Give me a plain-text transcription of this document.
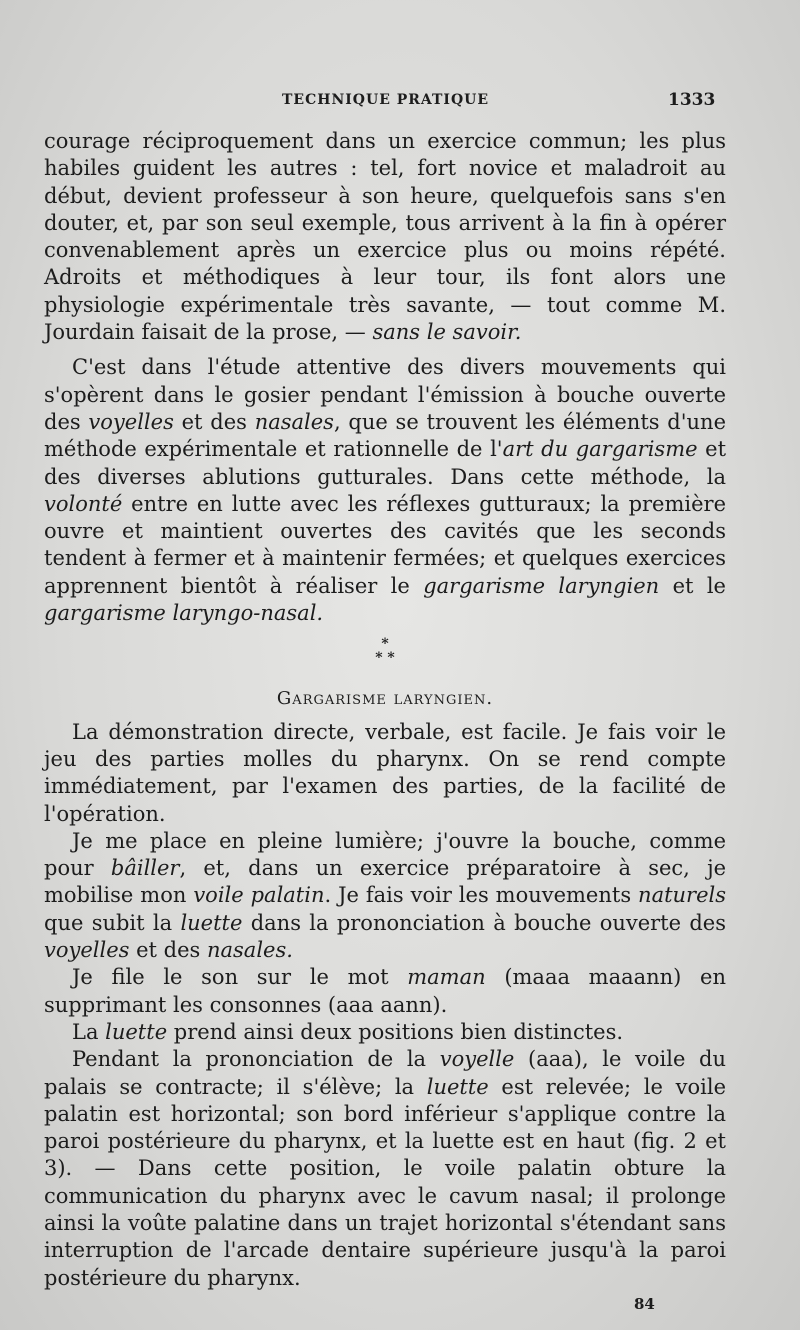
TECHNIQUE PRATIQUE	1333

courage réciproquement dans un exercice commun; les plus habiles guident les autres : tel, fort novice et maladroit au début, devient professeur à son heure, quelquefois sans s'en douter, et, par son seul exemple, tous arrivent à la fin à opérer convenablement après un exercice plus ou moins répété. Adroits et méthodiques à leur tour, ils font alors une physiologie expérimentale très savante, — tout comme M. Jourdain faisait de la prose, — sans le savoir.

C'est dans l'étude attentive des divers mouvements qui s'opèrent dans le gosier pendant l'émission à bouche ouverte des voyelles et des nasales, que se trouvent les éléments d'une méthode expérimentale et rationnelle de l'art du gargarisme et des diverses ablutions gutturales. Dans cette méthode, la volonté entre en lutte avec les réflexes gutturaux; la première ouvre et maintient ouvertes des cavités que les seconds tendent à fermer et à maintenir fermées; et quelques exercices apprennent bientôt à réaliser le gargarisme laryngien et le gargarisme laryngo-nasal.

*
* *
Gargarisme laryngien.

La démonstration directe, verbale, est facile. Je fais voir le jeu des parties molles du pharynx. On se rend compte immédiatement, par l'examen des parties, de la facilité de l'opération.

Je me place en pleine lumière; j'ouvre la bouche, comme pour bâiller, et, dans un exercice préparatoire à sec, je mobilise mon voile palatin. Je fais voir les mouvements naturels que subit la luette dans la prononciation à bouche ouverte des voyelles et des nasales.

Je file le son sur le mot maman (maaa maaann) en supprimant les consonnes (aaa aann).

La luette prend ainsi deux positions bien distinctes.

Pendant la prononciation de la voyelle (aaa), le voile du palais se contracte; il s'élève; la luette est relevée; le voile palatin est horizontal; son bord inférieur s'applique contre la paroi postérieure du pharynx, et la luette est en haut (fig. 2 et 3). — Dans cette position, le voile palatin obture la communication du pharynx avec le cavum nasal; il prolonge ainsi la voûte palatine dans un trajet horizontal s'étendant sans interruption de l'arcade dentaire supérieure jusqu'à la paroi postérieure du pharynx.

84
